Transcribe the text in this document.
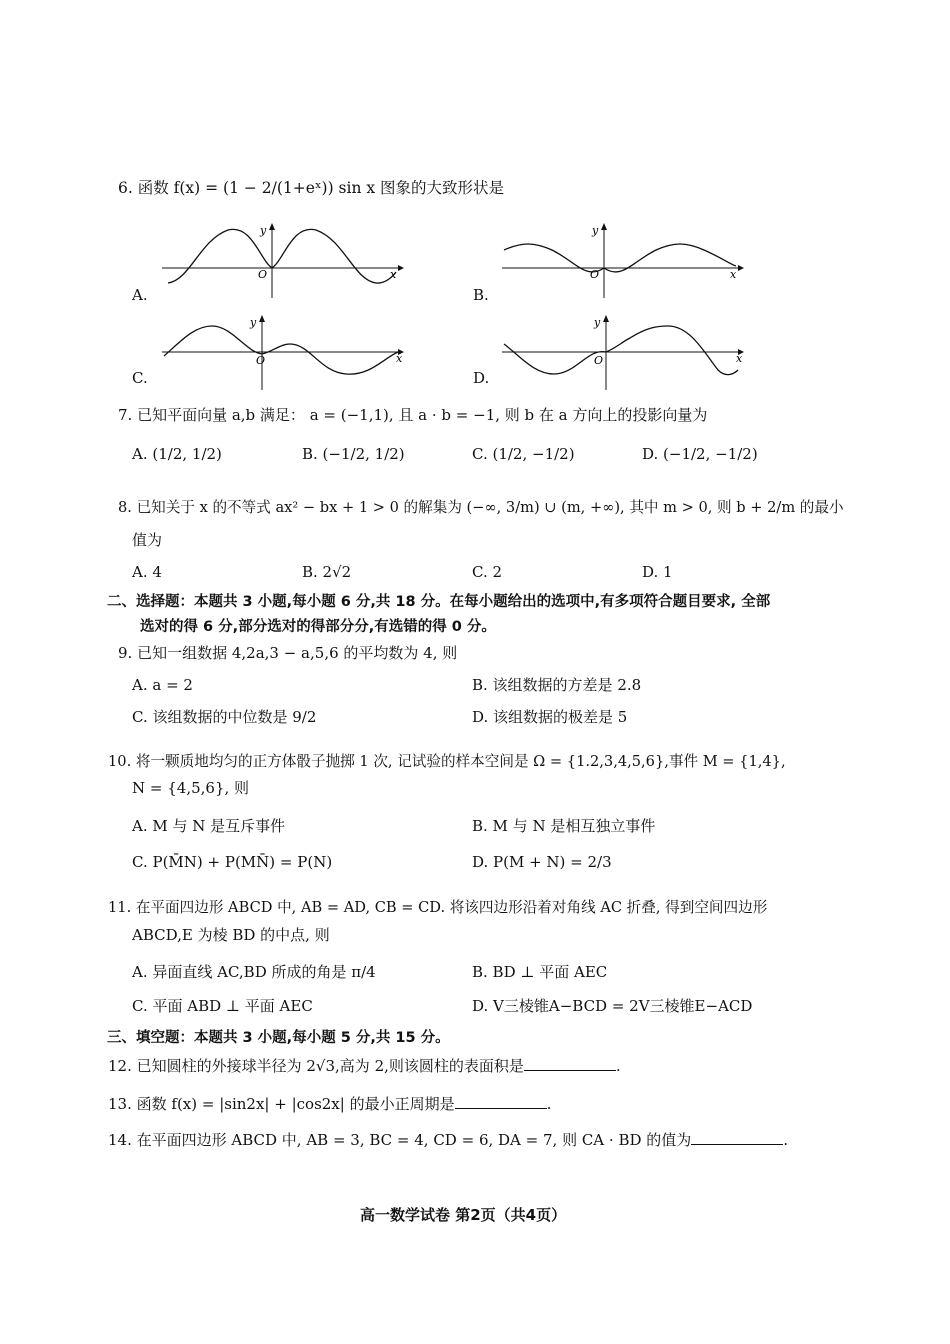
6. 函数 f(x) = (1 − 2/(1+eˣ)) sin x 图象的大致形状是
A.
O
y
x
B.
O
y
x
C.
O
y
x
D.
O
y
x
7. 已知平面向量 a,b 满足： a = (−1,1), 且 a · b = −1, 则 b 在 a 方向上的投影向量为
A. (1/2, 1/2)	B. (−1/2, 1/2)	C. (1/2, −1/2)	D. (−1/2, −1/2)
8. 已知关于 x 的不等式 ax² − bx + 1 > 0 的解集为 (−∞, 3/m) ∪ (m, +∞), 其中 m > 0, 则 b + 2/m 的最小
值为
A. 4	B. 2√2	C. 2	D. 1
二、选择题：本题共 3 小题,每小题 6 分,共 18 分。在每小题给出的选项中,有多项符合题目要求, 全部
选对的得 6 分,部分选对的得部分分,有选错的得 0 分。
9. 已知一组数据 4,2a,3 − a,5,6 的平均数为 4, 则
A. a = 2	B. 该组数据的方差是 2.8
C. 该组数据的中位数是 9/2	D. 该组数据的极差是 5
10. 将一颗质地均匀的正方体骰子抛掷 1 次, 记试验的样本空间是 Ω = {1.2,3,4,5,6},事件 M = {1,4},
N = {4,5,6}, 则
A. M 与 N 是互斥事件	B. M 与 N 是相互独立事件
C. P(M̄N) + P(MN̄) = P(N)	D. P(M + N) = 2/3
11. 在平面四边形 ABCD 中, AB = AD, CB = CD. 将该四边形沿着对角线 AC 折叠, 得到空间四边形
ABCD,E 为棱 BD 的中点, 则
A. 异面直线 AC,BD 所成的角是 π/4	B. BD ⊥ 平面 AEC
C. 平面 ABD ⊥ 平面 AEC	D. V三棱锥A−BCD = 2V三棱锥E−ACD
三、填空题：本题共 3 小题,每小题 5 分,共 15 分。
12. 已知圆柱的外接球半径为 2√3,高为 2,则该圆柱的表面积是	.
13. 函数 f(x) = |sin2x| + |cos2x| 的最小正周期是	.
14. 在平面四边形 ABCD 中, AB = 3, BC = 4, CD = 6, DA = 7, 则 CA · BD 的值为	.
高一数学试卷 第2页（共4页）
